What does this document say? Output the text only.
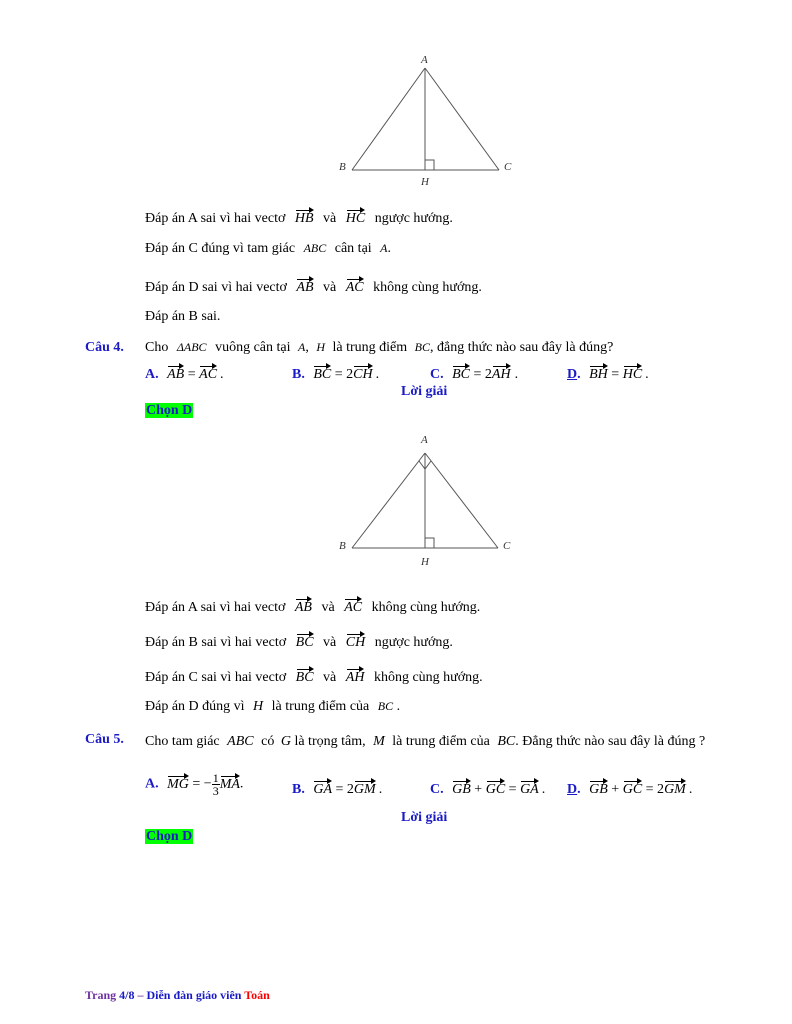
A
B	C
H
Đáp án A sai vì hai vectơ HB và HC ngược hướng.
Đáp án C đúng vì tam giác ABC cân tại A.
Đáp án D sai vì hai vectơ AB và AC không cùng hướng.
Đáp án B sai.
Câu 4. Cho ΔABC vuông cân tại A, H là trung điểm BC, đẳng thức nào sau đây là đúng?
A. AB = AC .	B. BC = 2CH .	C. BC = 2AH .	D. BH = HC .
Lời giải
Chọn D
A
B	C
H
Đáp án A sai vì hai vectơ AB và AC không cùng hướng.
Đáp án B sai vì hai vectơ BC và CH ngược hướng.
Đáp án C sai vì hai vectơ BC và AH không cùng hướng.
Đáp án D đúng vì H là trung điểm của BC .
Câu 5. Cho tam giác ABC có G là trọng tâm, M là trung điểm của BC. Đẳng thức nào sau đây là đúng ?
A. MG = − $\frac{1}{3}$ MA.	B. GA = 2GM .	C. GB + GC = GA . D. GB + GC = 2GM .
Lời giải
Chọn D
Trang 4/8 – Diễn đàn giáo viên Toán
